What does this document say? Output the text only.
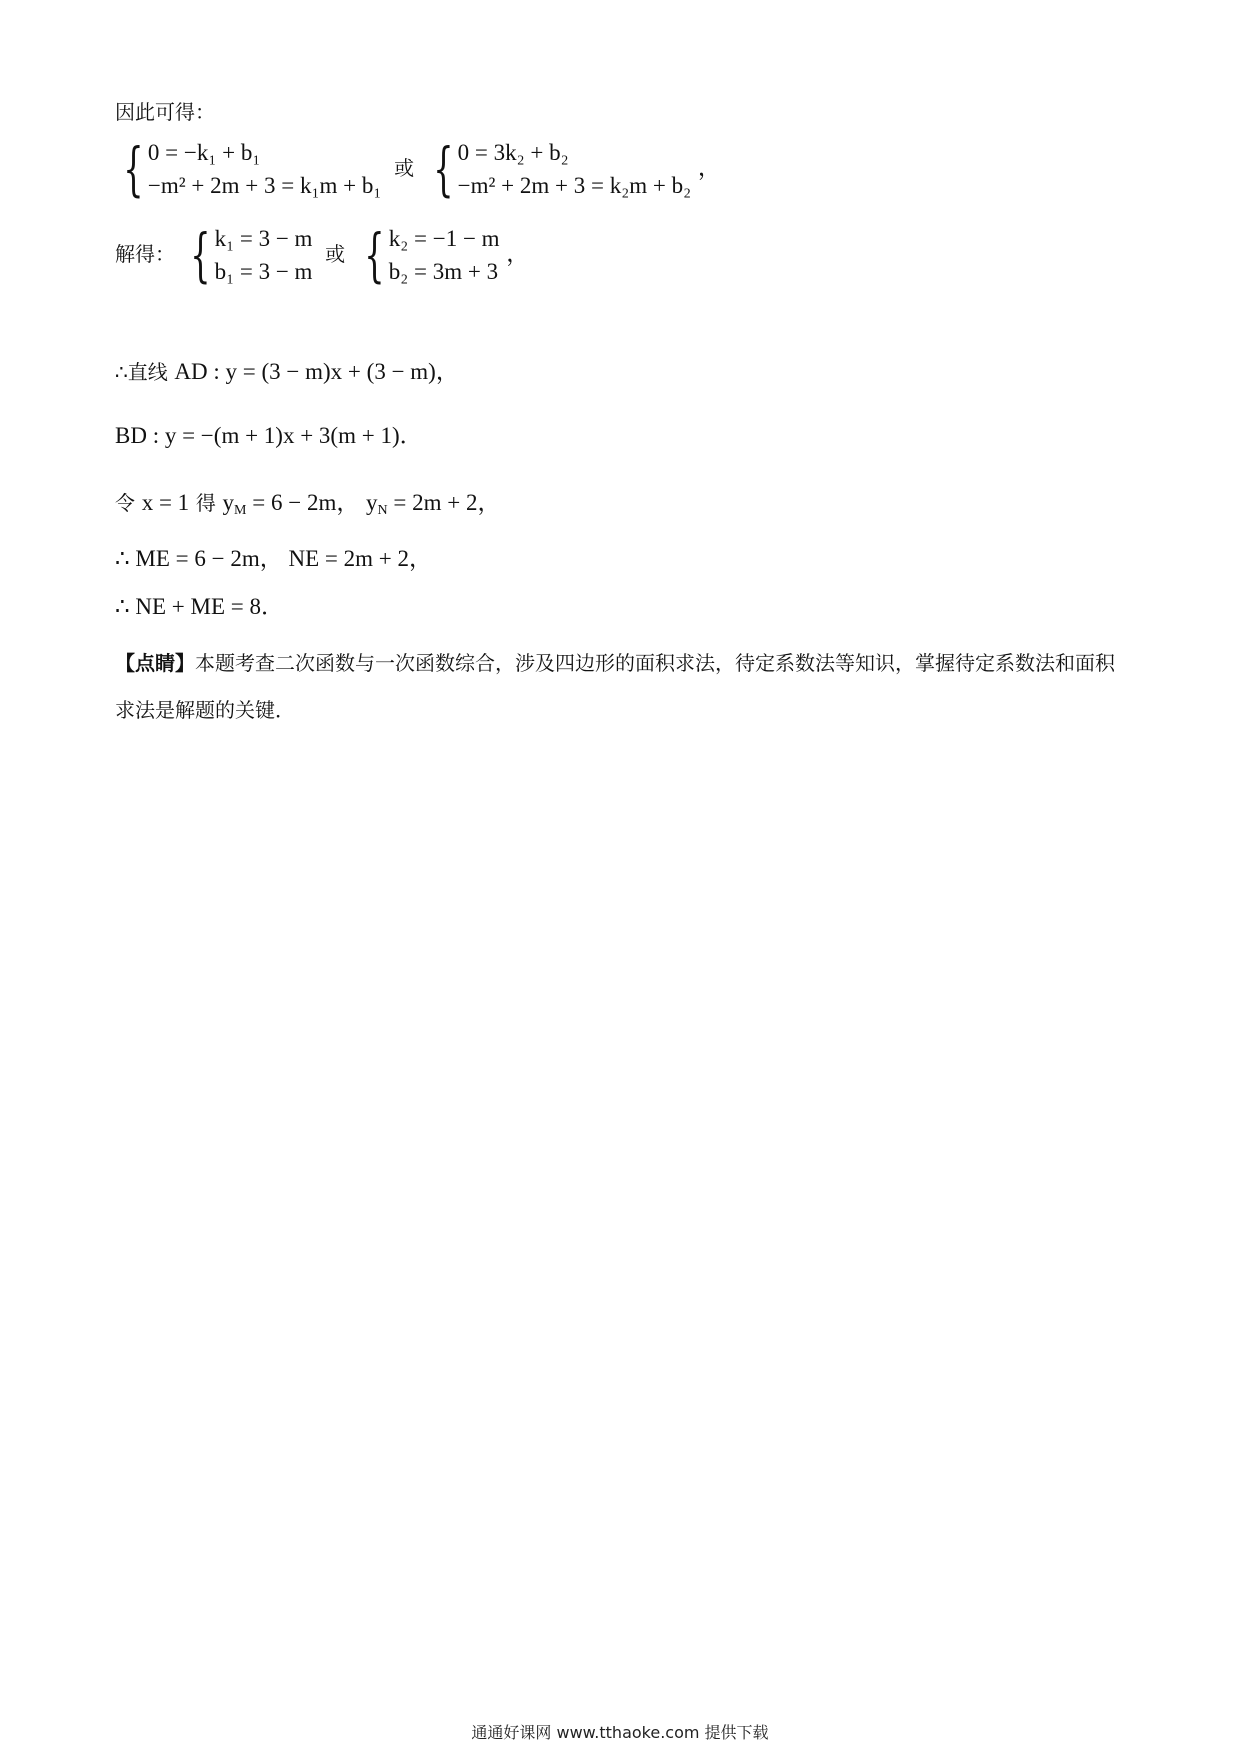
因此可得：
{ 0 = −k₁ + b₁
−m² + 2m + 3 = k₁m + b₁
或 { 0 = 3k₂ + b₂
−m² + 2m + 3 = k₂m + b₂
，
解得： { k₁ = 3 − m
b₁ = 3 − m
或 { k₂ = −1 − m
b₂ = 3m + 3
，
∴直线 AD : y = (3 − m)x + (3 − m)，
BD : y = −(m + 1)x + 3(m + 1)．
令 x = 1 得 $y_M = 6 - 2m$， $y_N = 2m + 2$，
∴ ME = 6 − 2m， NE = 2m + 2，
∴ NE + ME = 8．
【点睛】本题考查二次函数与一次函数综合，涉及四边形的面积求法，待定系数法等知识，掌握待定系数法和面积求法是解题的关键．
通通好课网 www.tthaoke.com 提供下载
